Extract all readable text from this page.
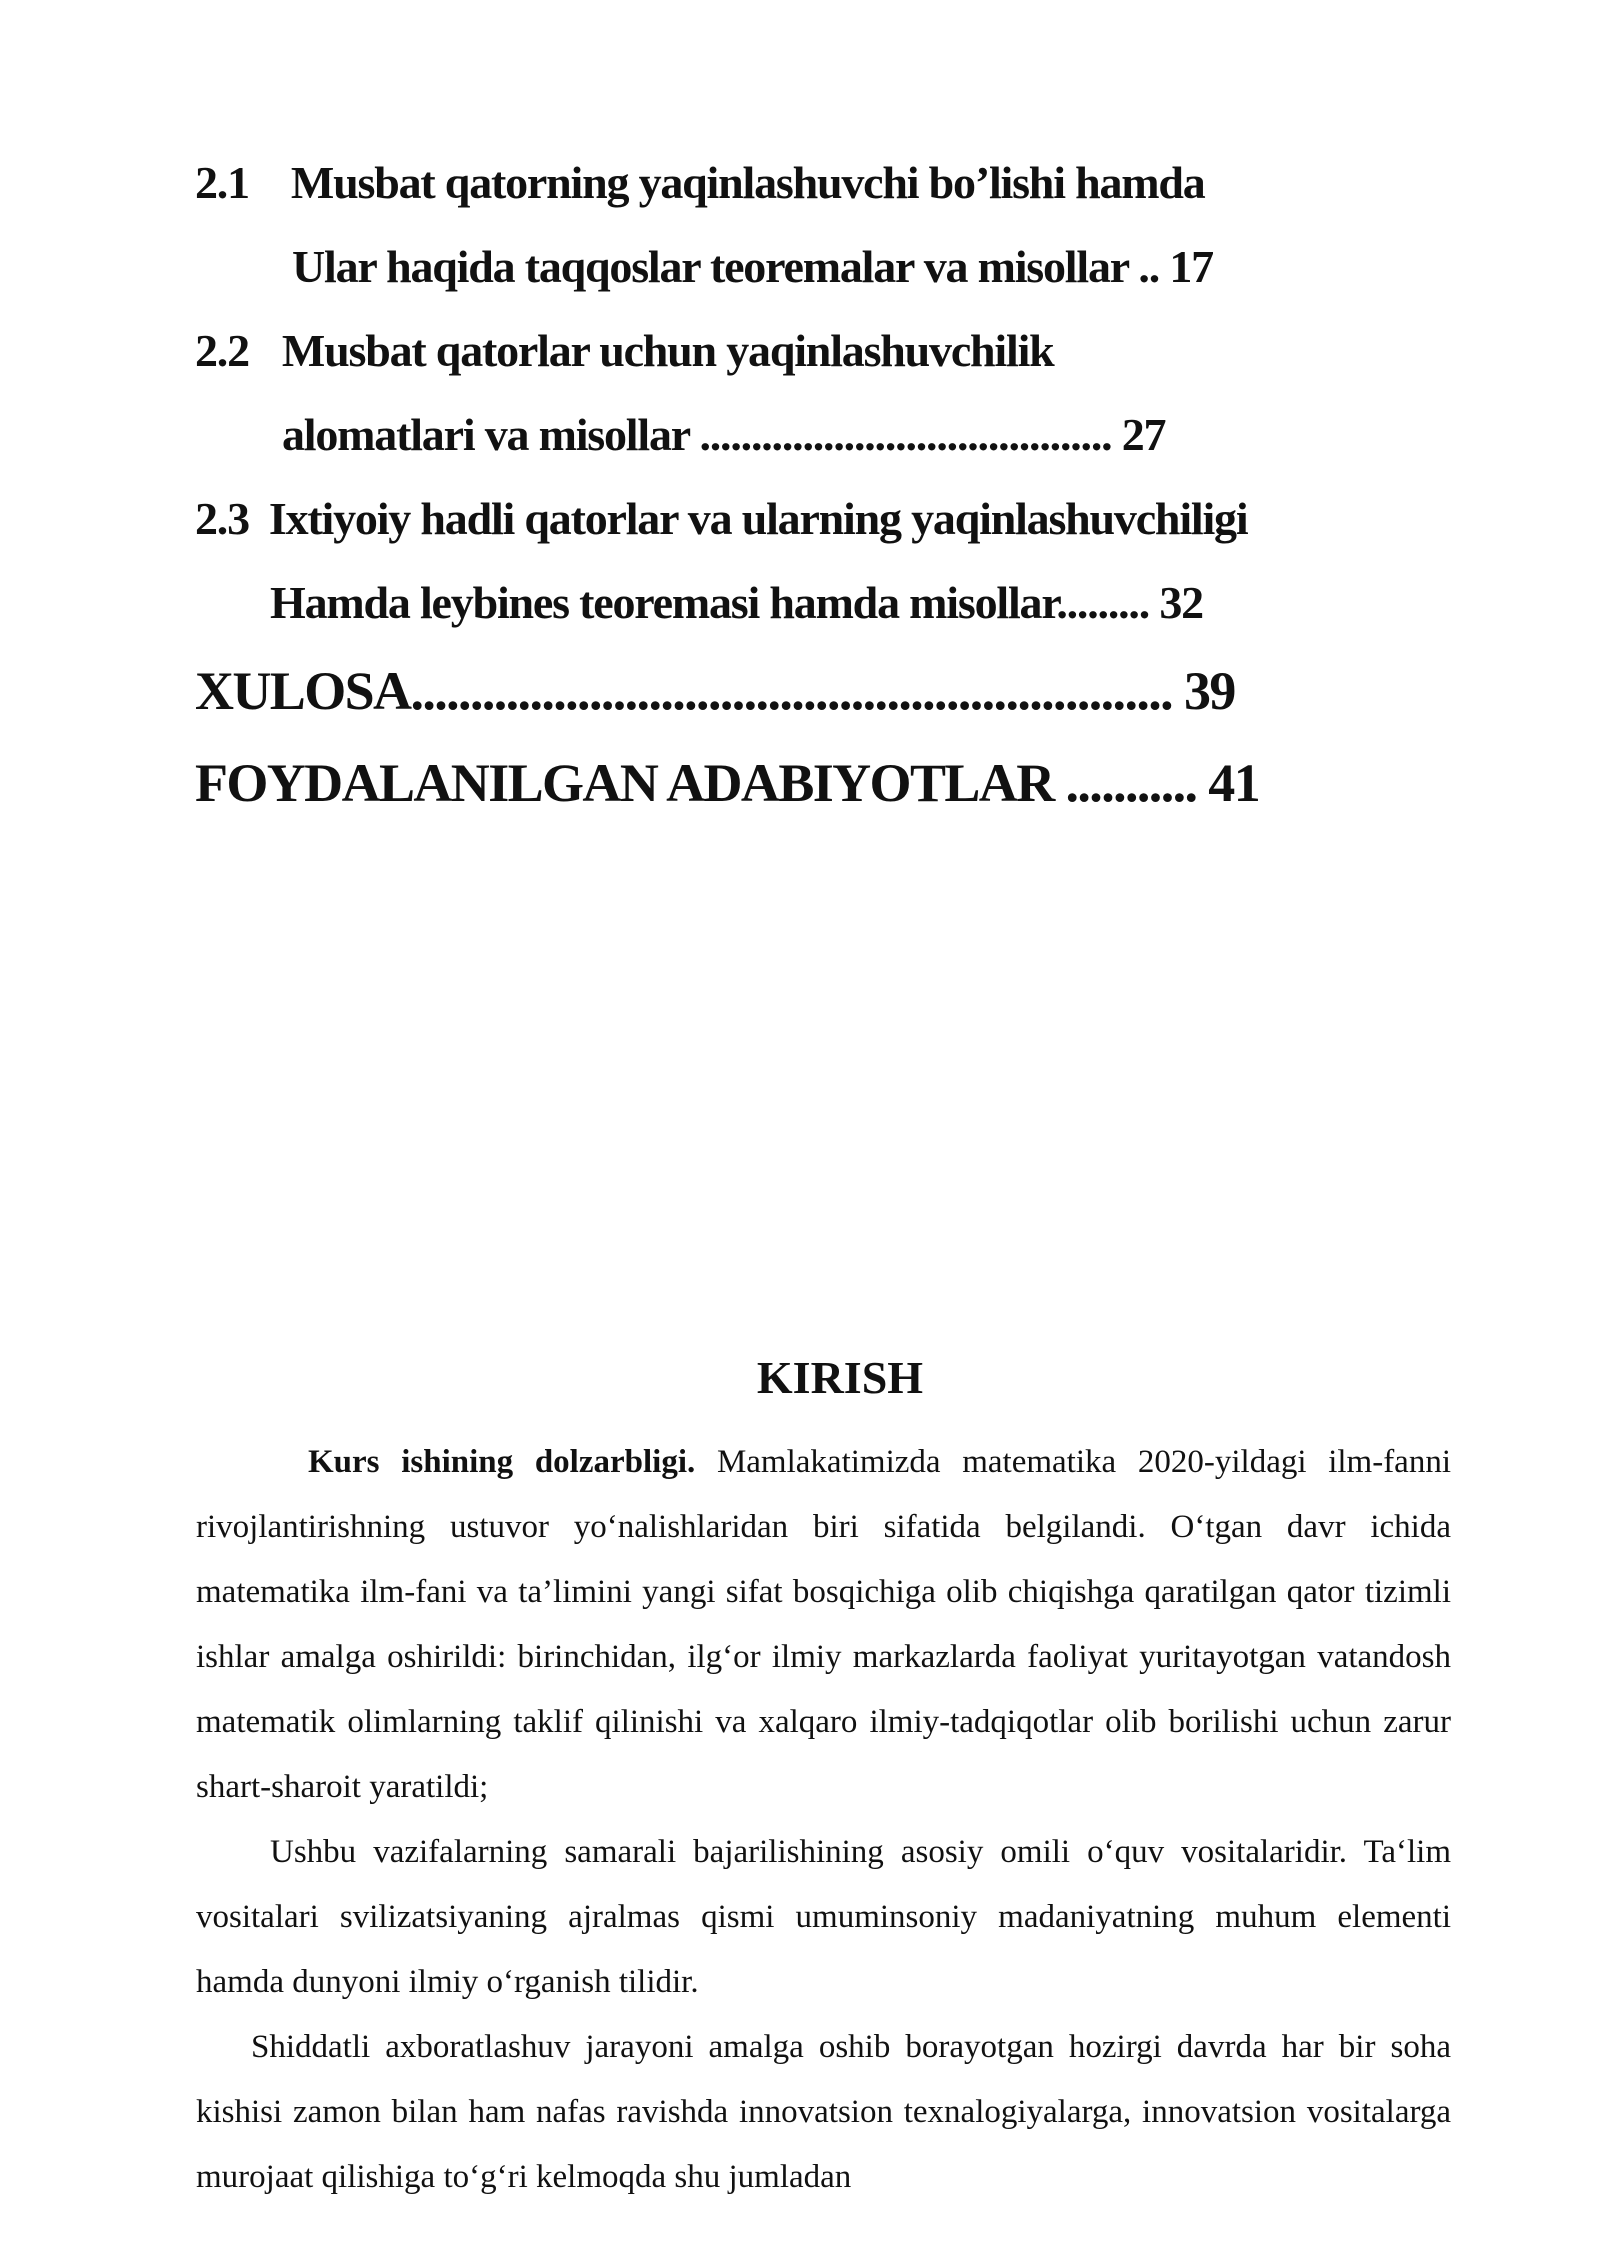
2.1 Musbat qatorning yaqinlashuvchi bo’lishi hamda
Ular haqida taqqoslar teoremalar va misollar .. 17
2.2 Musbat qatorlar uchun yaqinlashuvchilik
alomatlari va misollar ........................................ 27
2.3 Ixtiyoiy hadli qatorlar va ularning yaqinlashuvchiligi
Hamda leybines teoremasi hamda misollar......... 32
XULOSA................................................................ 39
FOYDALANILGAN ADABIYOTLAR ........... 41
KIRISH

Kurs ishining dolzarbligi. Mamlakatimizda matematika 2020-yildagi ilm-fanni rivojlantirishning ustuvor yo‘nalishlaridan biri sifatida belgilandi. O‘tgan davr ichida matematika ilm-fani va ta’limini yangi sifat bosqichiga olib chiqishga qaratilgan qator tizimli ishlar amalga oshirildi: birinchidan, ilg‘or ilmiy markazlarda faoliyat yuritayotgan vatandosh matematik olimlarning taklif qilinishi va xalqaro ilmiy-tadqiqotlar olib borilishi uchun zarur shart-sharoit yaratildi;

Ushbu vazifalarning samarali bajarilishining asosiy omili o‘quv vositalaridir. Ta‘lim vositalari svilizatsiyaning ajralmas qismi umuminsoniy madaniyatning muhum elementi hamda dunyoni ilmiy o‘rganish tilidir.

Shiddatli axboratlashuv jarayoni amalga oshib borayotgan hozirgi davrda har bir soha kishisi zamon bilan ham nafas ravishda innovatsion texnalogiyalarga, innovatsion vositalarga murojaat qilishiga to‘g‘ri kelmoqda shu jumladan
